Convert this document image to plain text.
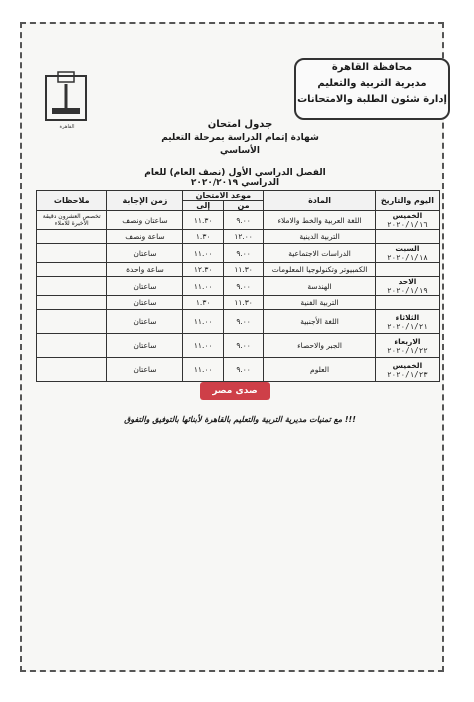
القاهرة
محافظة القاهرة
مديرية التربية والتعليم
إدارة شئون الطلبة والامتحانات
جدول امتحان
شهادة إتمام الدراسة بمرحلة التعليم الأساسي
الفصل الدراسي الأول (نصف العام) للعام الدراسي ٢٠٢٠/٢٠١٩
اليوم والتاريخ	المادة	موعد الامتحان		زمن الإجابة	ملاحظات
		من	إلى		

الخميس
٢٠٢٠/١/١٦	اللغة العربية والخط والاملاء	٩.٠٠	١١.٣٠	ساعتان ونصف	تخصص العشرون دقيقة الأخيرة للاملاء

	التربية الدينية	١٢.٠٠	١.٣٠	ساعة ونصف	

السبت
٢٠٢٠/١/١٨	الدراسات الاجتماعية	٩.٠٠	١١.٠٠	ساعتان	

	الكمبيوتر وتكنولوجيا المعلومات	١١.٣٠	١٢.٣٠	ساعة واحدة	

الاحد
٢٠٢٠/١/١٩	الهندسة	٩.٠٠	١١.٠٠	ساعتان	

	التربية الفنية	١١.٣٠	١.٣٠	ساعتان	

الثلاثاء
٢٠٢٠/١/٢١	اللغة الأجنبية	٩.٠٠	١١.٠٠	ساعتان	

الاربعاء
٢٠٢٠/١/٢٢	الجبر والاحصاء	٩.٠٠	١١.٠٠	ساعتان	

الخميس
٢٠٢٠/١/٢٣	العلوم	٩.٠٠	١١.٠٠	ساعتان	
صدى مصر
مع تمنيات مديرية التربية والتعليم بالقاهرة لأبنائها بالتوفيق والتفوق !!!
